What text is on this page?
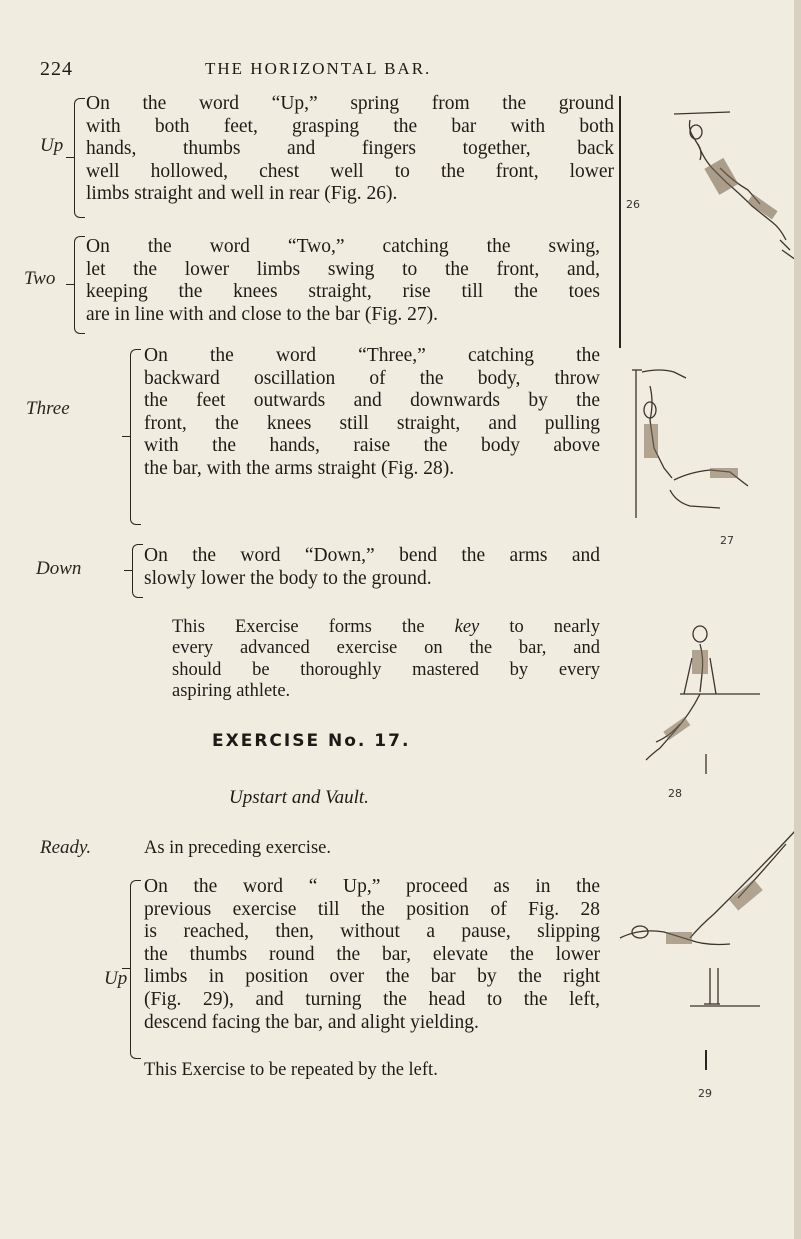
224	THE HORIZONTAL BAR.
Up
On the word “Up,” spring from the ground
with both feet, grasping the bar with both
hands, thumbs and fingers together, back
well hollowed, chest well to the front, lower
limbs straight and well in rear (Fig. 26).
Two
On the word “Two,” catching the swing,
let the lower limbs swing to the front, and,
keeping the knees straight, rise till the toes
are in line with and close to the bar (Fig. 27).
Three
On the word “Three,” catching the
backward oscillation of the body, throw
the feet outwards and downwards by the
front, the knees still straight, and pulling
with the hands, raise the body above
the bar, with the arms straight (Fig. 28).
Down
On the word “Down,” bend the arms and
slowly lower the body to the ground.
This Exercise forms the key to nearly
every advanced exercise on the bar, and
should be thoroughly mastered by every
aspiring athlete.
EXERCISE No. 17.
Upstart and Vault.
Ready.	As in preceding exercise.
Up
On the word “ Up,” proceed as in the
previous exercise till the position of Fig. 28
is reached, then, without a pause, slipping
the thumbs round the bar, elevate the lower
limbs in position over the bar by the right
(Fig. 29), and turning the head to the left,
descend facing the bar, and alight yielding.
This Exercise to be repeated by the left.
26
27
28
29
